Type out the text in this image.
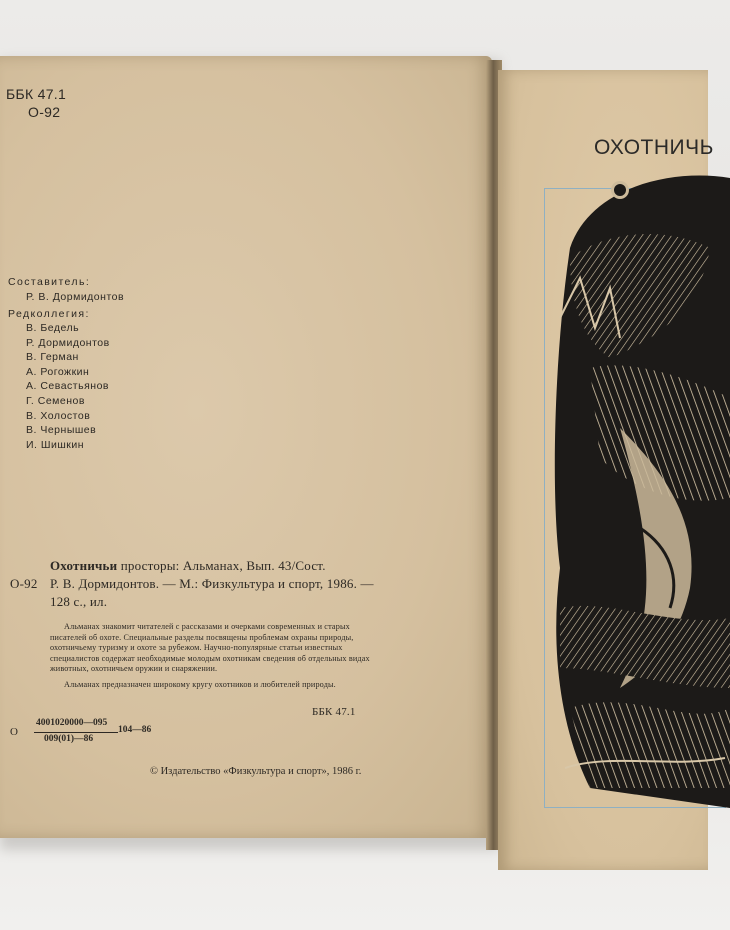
ББК 47.1
О-92
Составитель:
Р. В. Дормидонтов
Редколлегия:
В. Бедель
Р. Дормидонтов
В. Герман
А. Рогожкин
А. Севастьянов
Г. Семенов
В. Холостов
В. Чернышев
И. Шишкин
Охотничьи просторы: Альманах, Вып. 43/Сост.
О-92 Р. В. Дормидонтов. — М.: Физкультура и спорт, 1986. —
128 с., ил.
Альманах знакомит читателей с рассказами и очерками современных и старых писателей об охоте. Специальные разделы посвящены проблемам охраны природы, охотничьему туризму и охоте за рубежом. Научно-популярные статьи известных специалистов содержат необходимые молодым охотникам сведения об отдельных видах животных, охотничьем оружии и снаряжении.
Альманах предназначен широкому кругу охотников и любителей природы.
ББК 47.1
О
4001020000—095
104—86
009(01)—86
© Издательство «Физкультура и спорт», 1986 г.
ОХОТНИЧЬ
